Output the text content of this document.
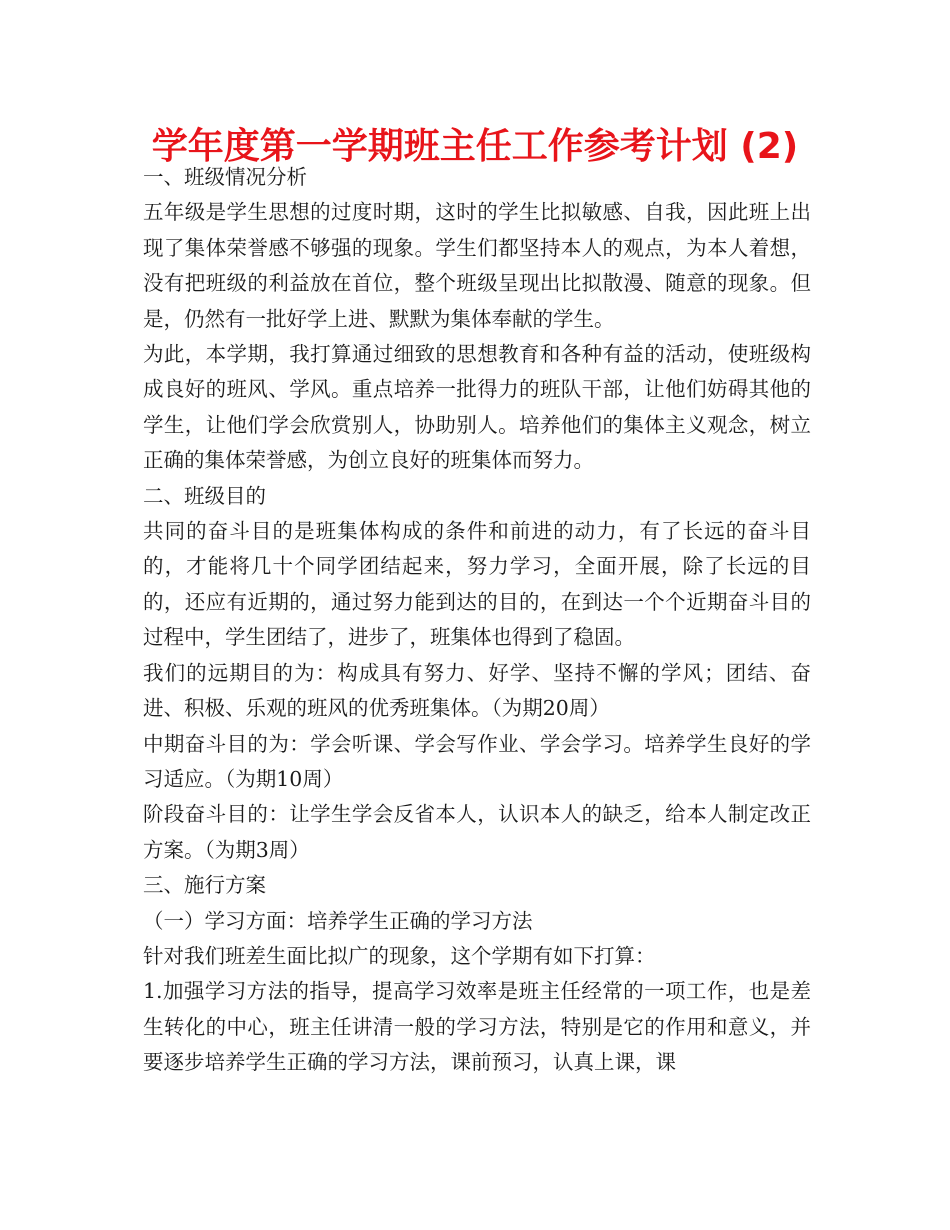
学年度第一学期班主任工作参考计划 (2)

一、班级情况分析

五年级是学生思想的过度时期，这时的学生比拟敏感、自我，因此班上出现了集体荣誉感不够强的现象。学生们都坚持本人的观点，为本人着想，没有把班级的利益放在首位，整个班级呈现出比拟散漫、随意的现象。但是，仍然有一批好学上进、默默为集体奉献的学生。

为此，本学期，我打算通过细致的思想教育和各种有益的活动，使班级构成良好的班风、学风。重点培养一批得力的班队干部，让他们妨碍其他的学生，让他们学会欣赏别人，协助别人。培养他们的集体主义观念，树立正确的集体荣誉感，为创立良好的班集体而努力。

二、班级目的

共同的奋斗目的是班集体构成的条件和前进的动力，有了长远的奋斗目的，才能将几十个同学团结起来，努力学习，全面开展，除了长远的目的，还应有近期的，通过努力能到达的目的，在到达一个个近期奋斗目的过程中，学生团结了，进步了，班集体也得到了稳固。

我们的远期目的为：构成具有努力、好学、坚持不懈的学风；团结、奋进、积极、乐观的班风的优秀班集体。（为期20周）

中期奋斗目的为：学会听课、学会写作业、学会学习。培养学生良好的学习适应。（为期10周）

阶段奋斗目的：让学生学会反省本人，认识本人的缺乏，给本人制定改正方案。（为期3周）

三、施行方案

（一）学习方面：培养学生正确的学习方法

针对我们班差生面比拟广的现象，这个学期有如下打算：

1.加强学习方法的指导，提高学习效率是班主任经常的一项工作，也是差生转化的中心，班主任讲清一般的学习方法，特别是它的作用和意义，并要逐步培养学生正确的学习方法，课前预习，认真上课，课
